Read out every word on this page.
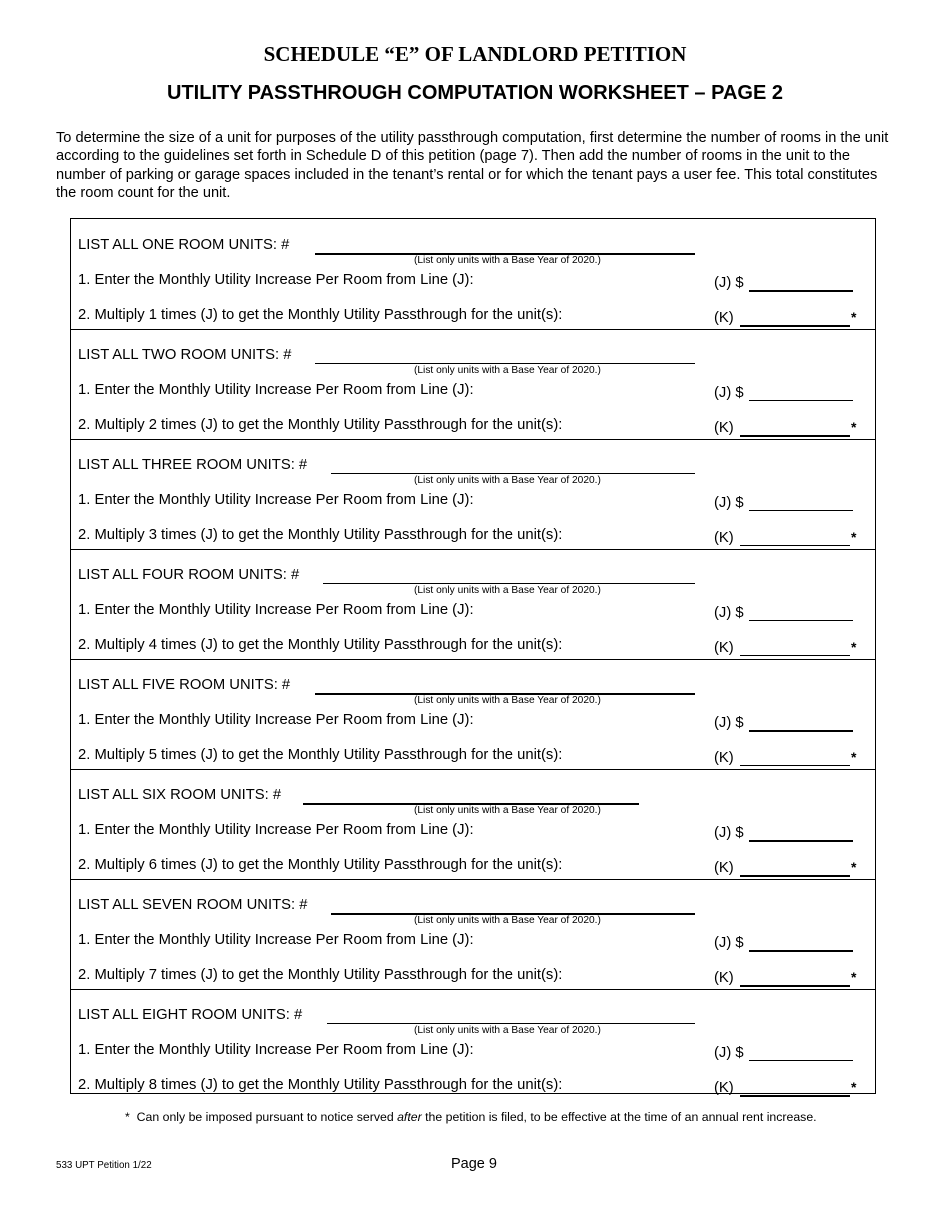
SCHEDULE “E” OF LANDLORD PETITION
UTILITY PASSTHROUGH COMPUTATION WORKSHEET – PAGE 2

To determine the size of a unit for purposes of the utility passthrough computation, first determine the number of rooms in the unit according to the guidelines set forth in Schedule D of this petition (page 7). Then add the number of rooms in the unit to the number of parking or garage spaces included in the tenant’s rental or for which the tenant pays a user fee. This total constitutes the room count for the unit.

LIST ALL ONE ROOM UNITS: #
(List only units with a Base Year of 2020.)
1. Enter the Monthly Utility Increase Per Room from Line (J):	(J) $
2. Multiply 1 times (J) to get the Monthly Utility Passthrough for the unit(s):	(K)	*
LIST ALL TWO ROOM UNITS: #
(List only units with a Base Year of 2020.)
1. Enter the Monthly Utility Increase Per Room from Line (J):	(J) $
2. Multiply 2 times (J) to get the Monthly Utility Passthrough for the unit(s):	(K)	*
LIST ALL THREE ROOM UNITS: #
(List only units with a Base Year of 2020.)
1. Enter the Monthly Utility Increase Per Room from Line (J):	(J) $
2. Multiply 3 times (J) to get the Monthly Utility Passthrough for the unit(s):	(K)	*
LIST ALL FOUR ROOM UNITS: #
(List only units with a Base Year of 2020.)
1. Enter the Monthly Utility Increase Per Room from Line (J):	(J) $
2. Multiply 4 times (J) to get the Monthly Utility Passthrough for the unit(s):	(K)	*
LIST ALL FIVE ROOM UNITS: #
(List only units with a Base Year of 2020.)
1. Enter the Monthly Utility Increase Per Room from Line (J):	(J) $
2. Multiply 5 times (J) to get the Monthly Utility Passthrough for the unit(s):	(K)	*
LIST ALL SIX ROOM UNITS: #
(List only units with a Base Year of 2020.)
1. Enter the Monthly Utility Increase Per Room from Line (J):	(J) $
2. Multiply 6 times (J) to get the Monthly Utility Passthrough for the unit(s):	(K)	*
LIST ALL SEVEN ROOM UNITS: #
(List only units with a Base Year of 2020.)
1. Enter the Monthly Utility Increase Per Room from Line (J):	(J) $
2. Multiply 7 times (J) to get the Monthly Utility Passthrough for the unit(s):	(K)	*
LIST ALL EIGHT ROOM UNITS: #
(List only units with a Base Year of 2020.)
1. Enter the Monthly Utility Increase Per Room from Line (J):	(J) $
2. Multiply 8 times (J) to get the Monthly Utility Passthrough for the unit(s):	(K)	*
* Can only be imposed pursuant to notice served after the petition is filed, to be effective at the time of an annual rent increase.
533 UPT Petition 1/22	Page 9
